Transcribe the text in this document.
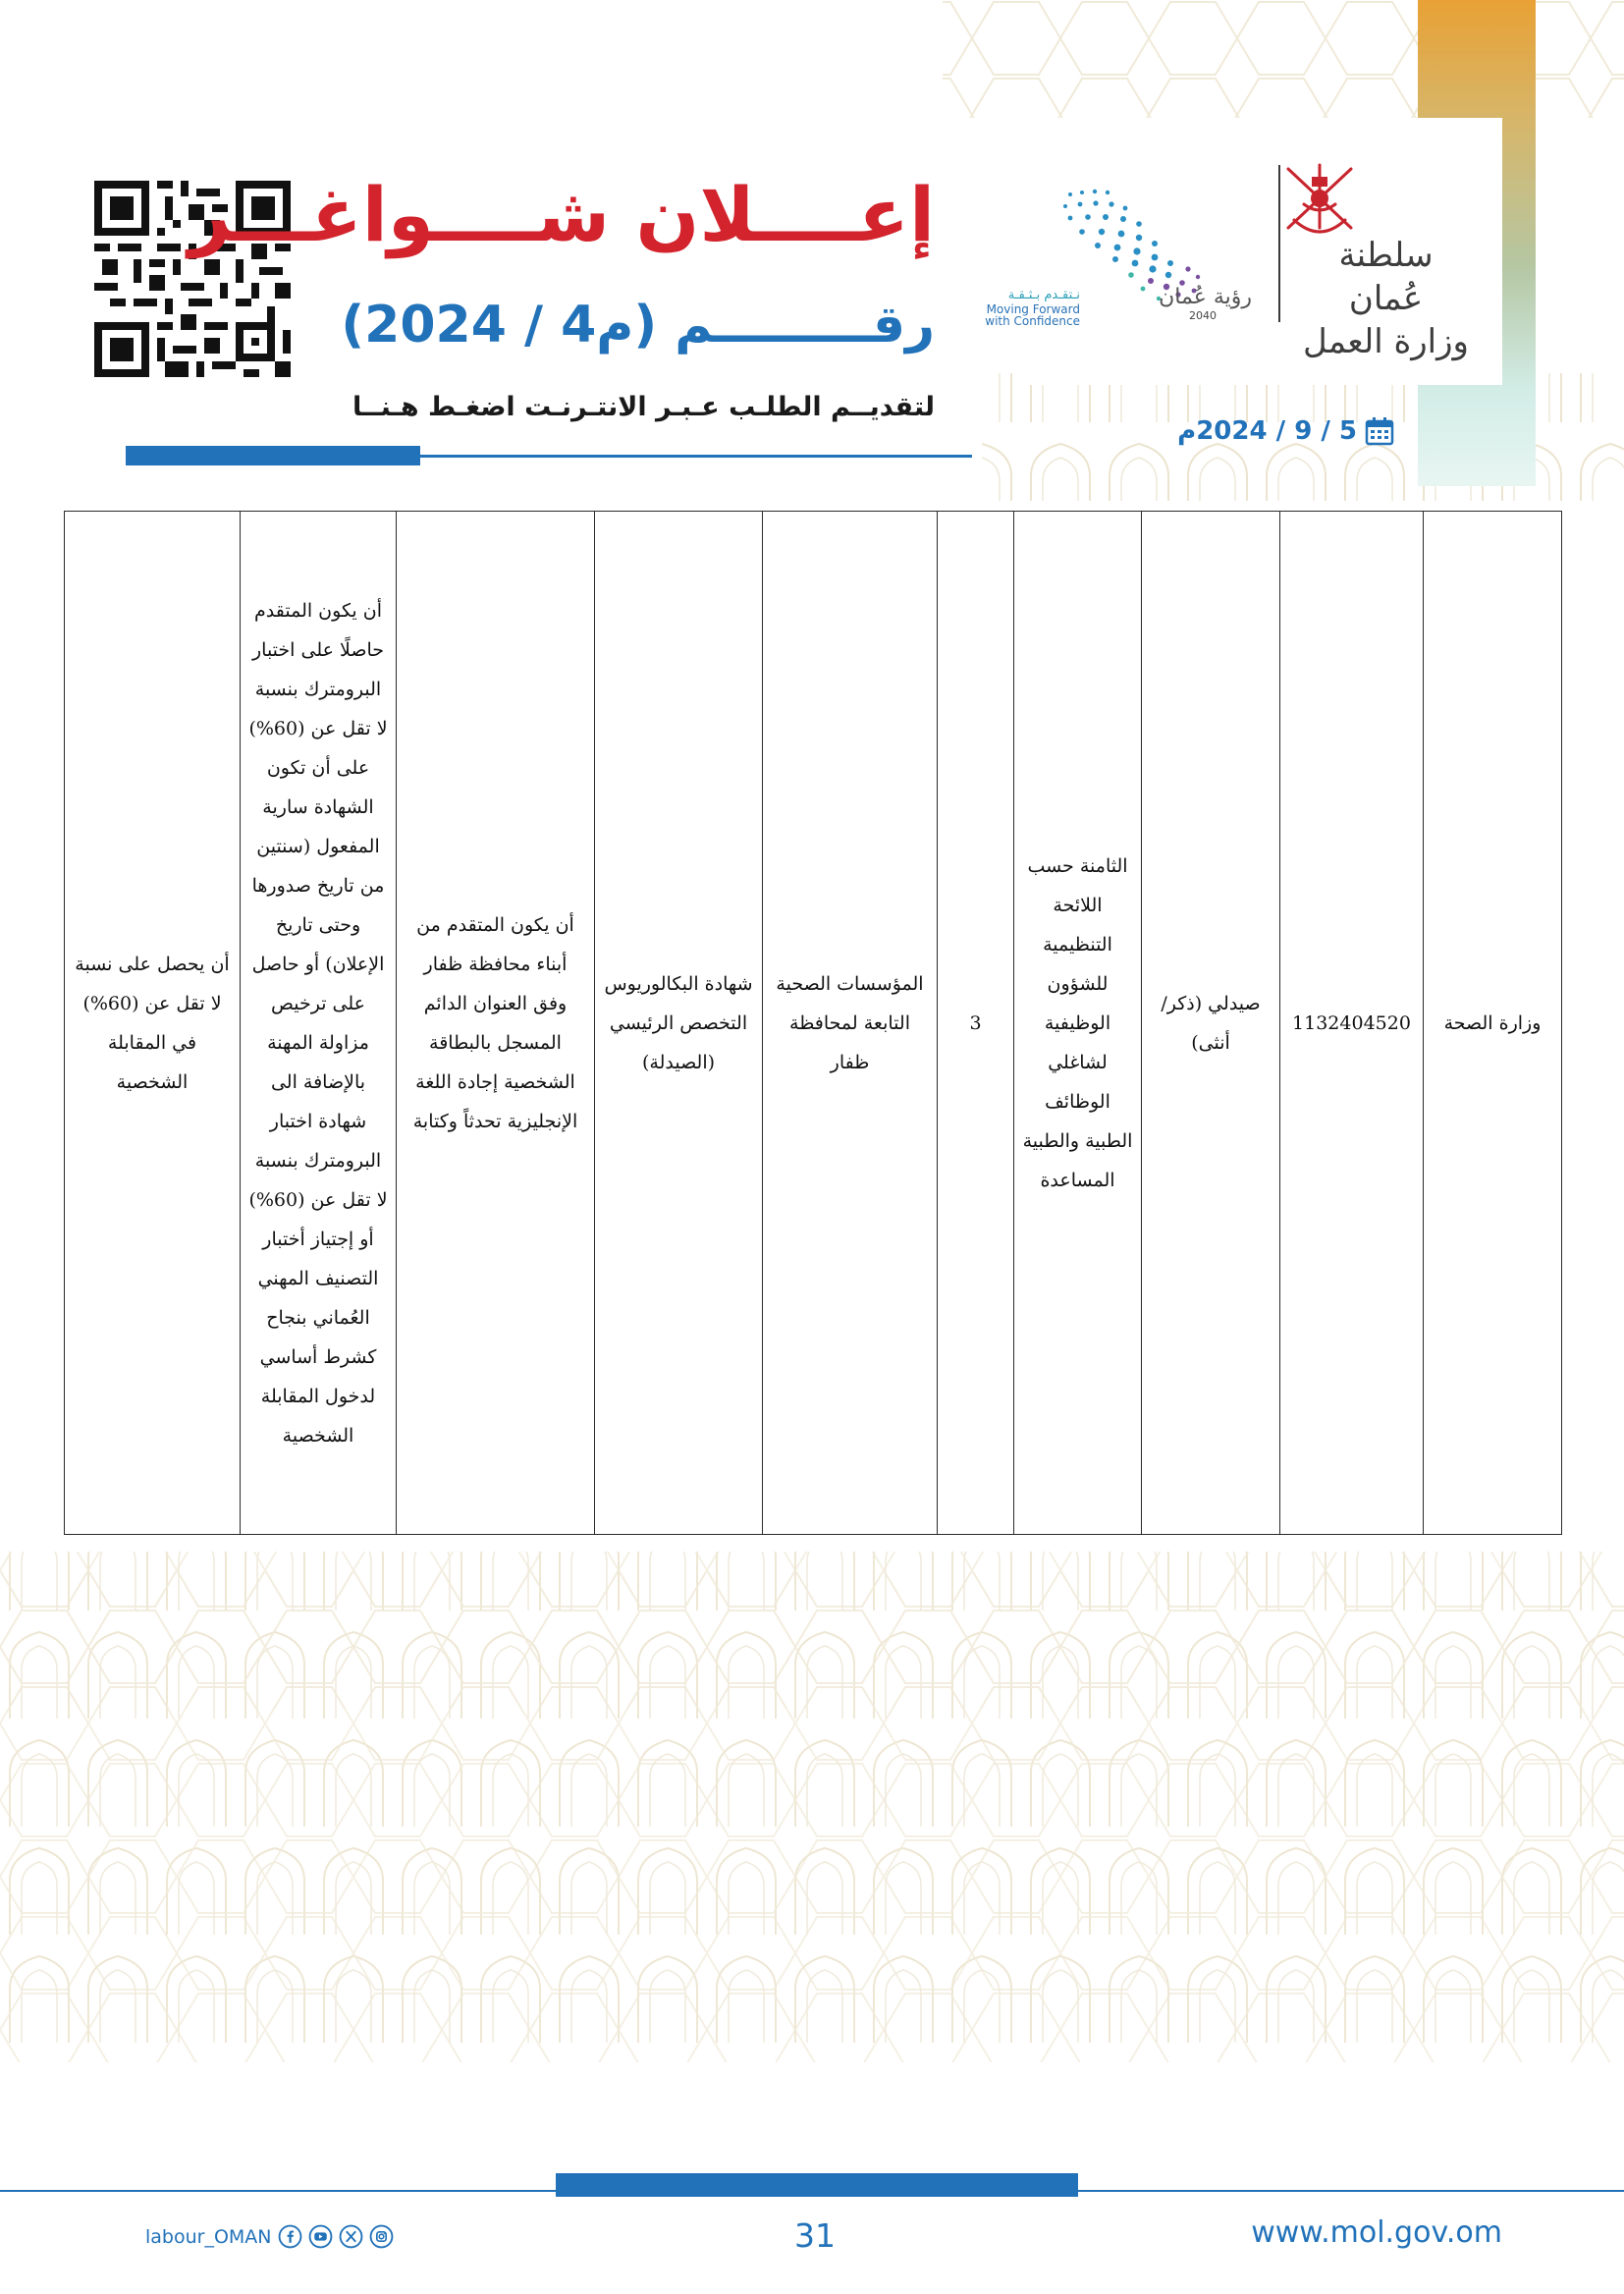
سلطنة عُمان
وزارة العمل
رؤية عُمان
2040
نـتقـدم بـثـقـة
Moving Forward
with Confidence
إعــــلان شــــواغـــر
رقـــــــــم (م4 / 2024)
لتقديــم الطلـب عـبـر الانتـرنـت اضغـط هـنــا
5 / 9 / 2024م
وزارة الصحة	1132404520	صيدلي (ذكر/ أنثى)	الثامنة حسب اللائحة التنظيمية للشؤون الوظيفية لشاغلي الوظائف الطبية والطبية المساعدة	3	المؤسسات الصحية التابعة لمحافظة ظفار	شهادة البكالوريوس التخصص الرئيسي (الصيدلة)	أن يكون المتقدم من أبناء محافظة ظفار وفق العنوان الدائم المسجل بالبطاقة الشخصية إجادة اللغة الإنجليزية تحدثاً وكتابة	أن يكون المتقدم حاصلًا على اختبار البرومترك بنسبة لا تقل عن (60%) على أن تكون الشهادة سارية المفعول (سنتين من تاريخ صدورها وحتى تاريخ الإعلان) أو حاصل على ترخيص مزاولة المهنة بالإضافة الى شهادة اختبار البرومترك بنسبة لا تقل عن (60%) أو إجتياز أختبار التصنيف المهني العُماني بنجاح كشرط أساسي لدخول المقابلة الشخصية	أن يحصل على نسبة لا تقل عن (60%) في المقابلة الشخصية
labour_OMAN	31	www.mol.gov.om
